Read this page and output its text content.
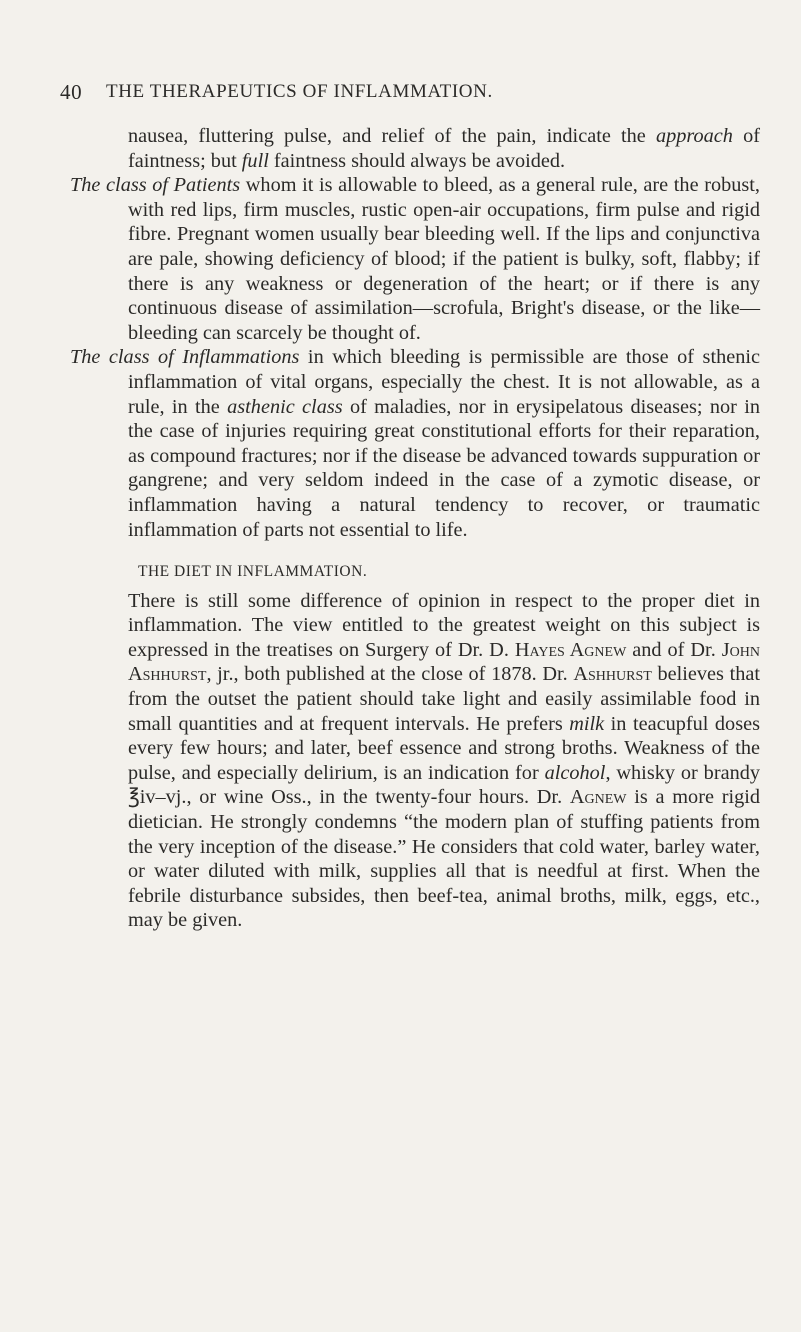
40 THE THERAPEUTICS OF INFLAMMATION.

nausea, fluttering pulse, and relief of the pain, indicate the approach of faintness; but full faintness should always be avoided.

The class of Patients whom it is allowable to bleed, as a general rule, are the robust, with red lips, firm muscles, rustic open-air occupations, firm pulse and rigid fibre. Pregnant women usually bear bleeding well. If the lips and conjunctiva are pale, showing deficiency of blood; if the patient is bulky, soft, flabby; if there is any weakness or degeneration of the heart; or if there is any continuous disease of assimilation—scrofula, Bright's disease, or the like—bleeding can scarcely be thought of.

The class of Inflammations in which bleeding is permissible are those of sthenic inflammation of vital organs, especially the chest. It is not allowable, as a rule, in the asthenic class of maladies, nor in erysipelatous diseases; nor in the case of injuries requiring great constitutional efforts for their reparation, as compound fractures; nor if the disease be advanced towards suppuration or gangrene; and very seldom indeed in the case of a zymotic disease, or inflammation having a natural tendency to recover, or traumatic inflammation of parts not essential to life.

THE DIET IN INFLAMMATION.

There is still some difference of opinion in respect to the proper diet in inflammation. The view entitled to the greatest weight on this subject is expressed in the treatises on Surgery of Dr. D. Hayes Agnew and of Dr. John Ashhurst, jr., both published at the close of 1878. Dr. Ashhurst believes that from the outset the patient should take light and easily assimilable food in small quantities and at frequent intervals. He prefers milk in teacupful doses every few hours; and later, beef essence and strong broths. Weakness of the pulse, and especially delirium, is an indication for alcohol, whisky or brandy ℥iv–vj., or wine Oss., in the twenty-four hours. Dr. Agnew is a more rigid dietician. He strongly condemns “the modern plan of stuffing patients from the very inception of the disease.” He considers that cold water, barley water, or water diluted with milk, supplies all that is needful at first. When the febrile disturbance subsides, then beef-tea, animal broths, milk, eggs, etc., may be given.
